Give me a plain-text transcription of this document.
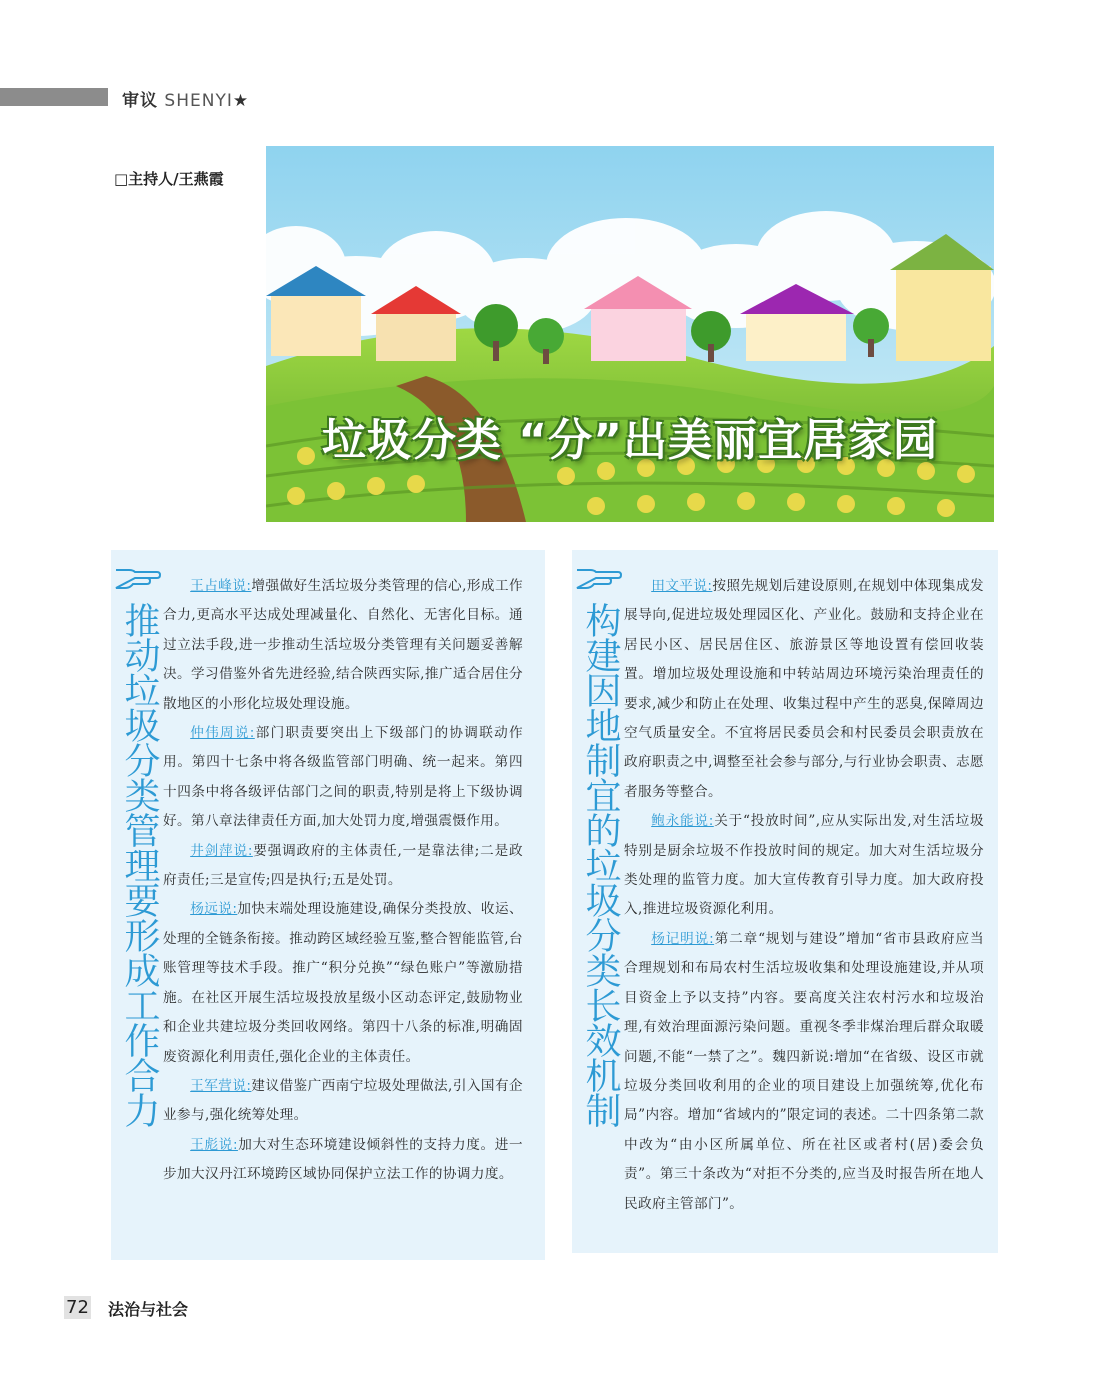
审议 SHENYI★
□主持人/王燕霞
垃圾分类 “分”出美丽宜居家园
推动垃圾分类管理要形成工作合力

王占峰说:增强做好生活垃圾分类管理的信心,形成工作合力,更高水平达成处理减量化、自然化、无害化目标。通过立法手段,进一步推动生活垃圾分类管理有关问题妥善解决。学习借鉴外省先进经验,结合陕西实际,推广适合居住分散地区的小形化垃圾处理设施。

仲伟周说:部门职责要突出上下级部门的协调联动作用。第四十七条中将各级监管部门明确、统一起来。第四十四条中将各级评估部门之间的职责,特别是将上下级协调好。第八章法律责任方面,加大处罚力度,增强震慑作用。

井剑萍说:要强调政府的主体责任,一是靠法律;二是政府责任;三是宣传;四是执行;五是处罚。

杨远说:加快末端处理设施建设,确保分类投放、收运、处理的全链条衔接。推动跨区域经验互鉴,整合智能监管,台账管理等技术手段。推广“积分兑换”“绿色账户”等激励措施。在社区开展生活垃圾投放星级小区动态评定,鼓励物业和企业共建垃圾分类回收网络。第四十八条的标准,明确固废资源化利用责任,强化企业的主体责任。

王军营说:建议借鉴广西南宁垃圾处理做法,引入国有企业参与,强化统筹处理。

王彪说:加大对生态环境建设倾斜性的支持力度。进一步加大汉丹江环境跨区域协同保护立法工作的协调力度。

构建因地制宜的垃圾分类长效机制

田文平说:按照先规划后建设原则,在规划中体现集成发展导向,促进垃圾处理园区化、产业化。鼓励和支持企业在居民小区、居民居住区、旅游景区等地设置有偿回收装置。增加垃圾处理设施和中转站周边环境污染治理责任的要求,减少和防止在处理、收集过程中产生的恶臭,保障周边空气质量安全。不宜将居民委员会和村民委员会职责放在政府职责之中,调整至社会参与部分,与行业协会职责、志愿者服务等整合。

鲍永能说:关于“投放时间”,应从实际出发,对生活垃圾特别是厨余垃圾不作投放时间的规定。加大对生活垃圾分类处理的监管力度。加大宣传教育引导力度。加大政府投入,推进垃圾资源化利用。

杨记明说:第二章“规划与建设”增加“省市县政府应当合理规划和布局农村生活垃圾收集和处理设施建设,并从项目资金上予以支持”内容。要高度关注农村污水和垃圾治理,有效治理面源污染问题。重视冬季非煤治理后群众取暖问题,不能“一禁了之”。魏四新说:增加“在省级、设区市就垃圾分类回收利用的企业的项目建设上加强统筹,优化布局”内容。增加“省域内的”限定词的表述。二十四条第二款中改为“由小区所属单位、所在社区或者村(居)委会负责”。第三十条改为“对拒不分类的,应当及时报告所在地人民政府主管部门”。

72 法治与社会
